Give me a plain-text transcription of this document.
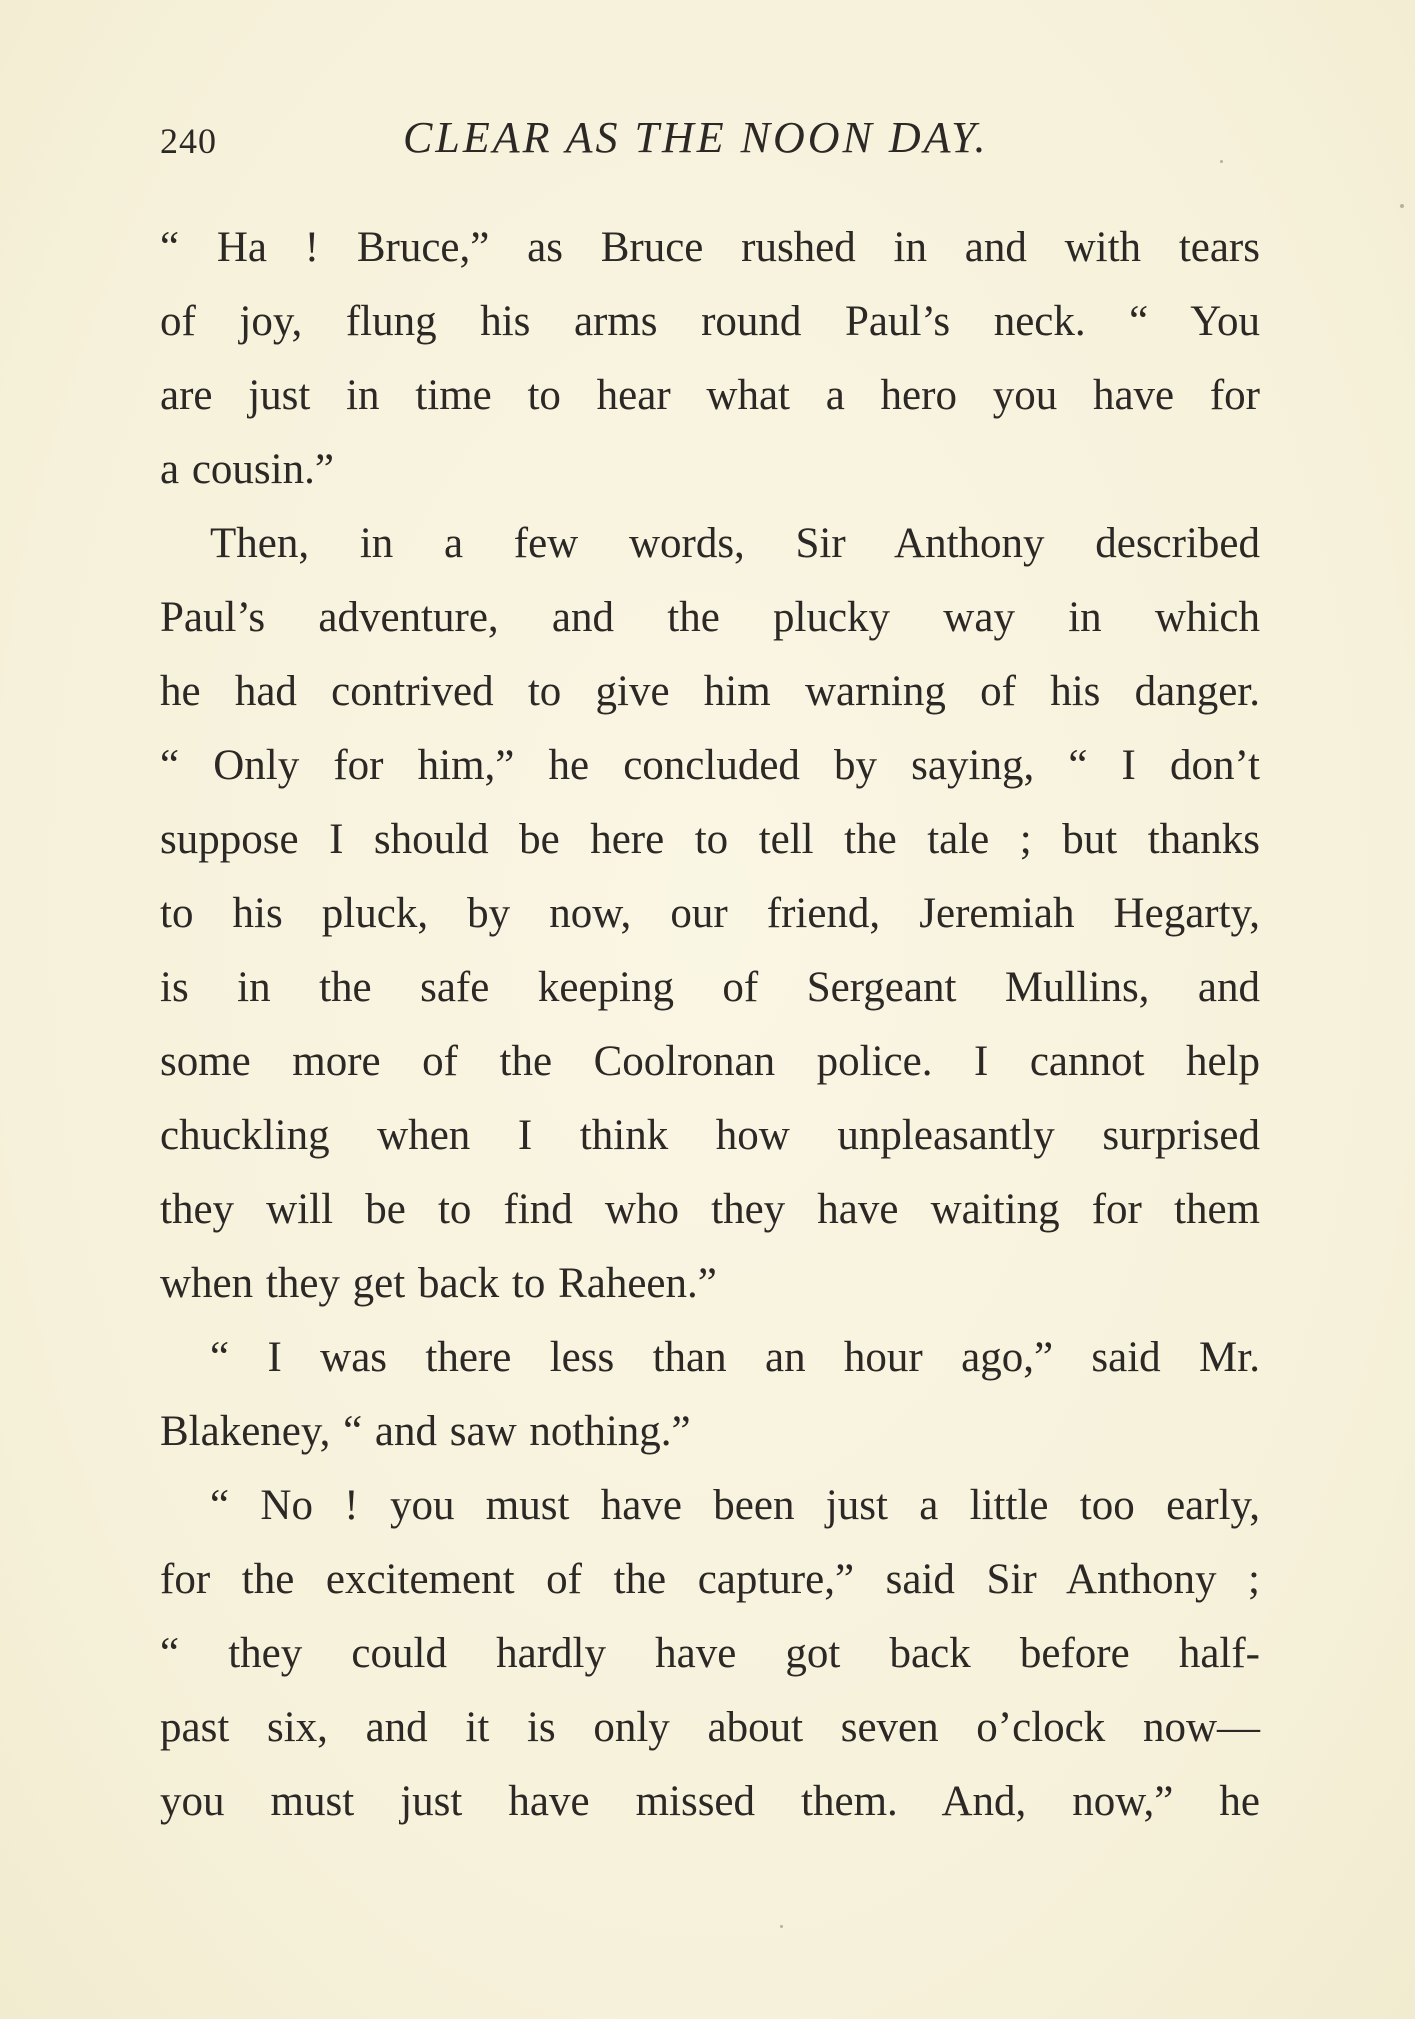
240	CLEAR AS THE NOON DAY.
“ Ha ! Bruce,” as Bruce rushed in and with tears
of joy, flung his arms round Paul’s neck. “ You
are just in time to hear what a hero you have for
a cousin.”
Then, in a few words, Sir Anthony described
Paul’s adventure, and the plucky way in which
he had contrived to give him warning of his danger.
“ Only for him,” he concluded by saying, “ I don’t
suppose I should be here to tell the tale ; but thanks
to his pluck, by now, our friend, Jeremiah Hegarty,
is in the safe keeping of Sergeant Mullins, and
some more of the Coolronan police. I cannot help
chuckling when I think how unpleasantly surprised
they will be to find who they have waiting for them
when they get back to Raheen.”
“ I was there less than an hour ago,” said Mr.
Blakeney, “ and saw nothing.”
“ No ! you must have been just a little too early,
for the excitement of the capture,” said Sir Anthony ;
“ they could hardly have got back before half-
past six, and it is only about seven o’clock now—
you must just have missed them. And, now,” he
